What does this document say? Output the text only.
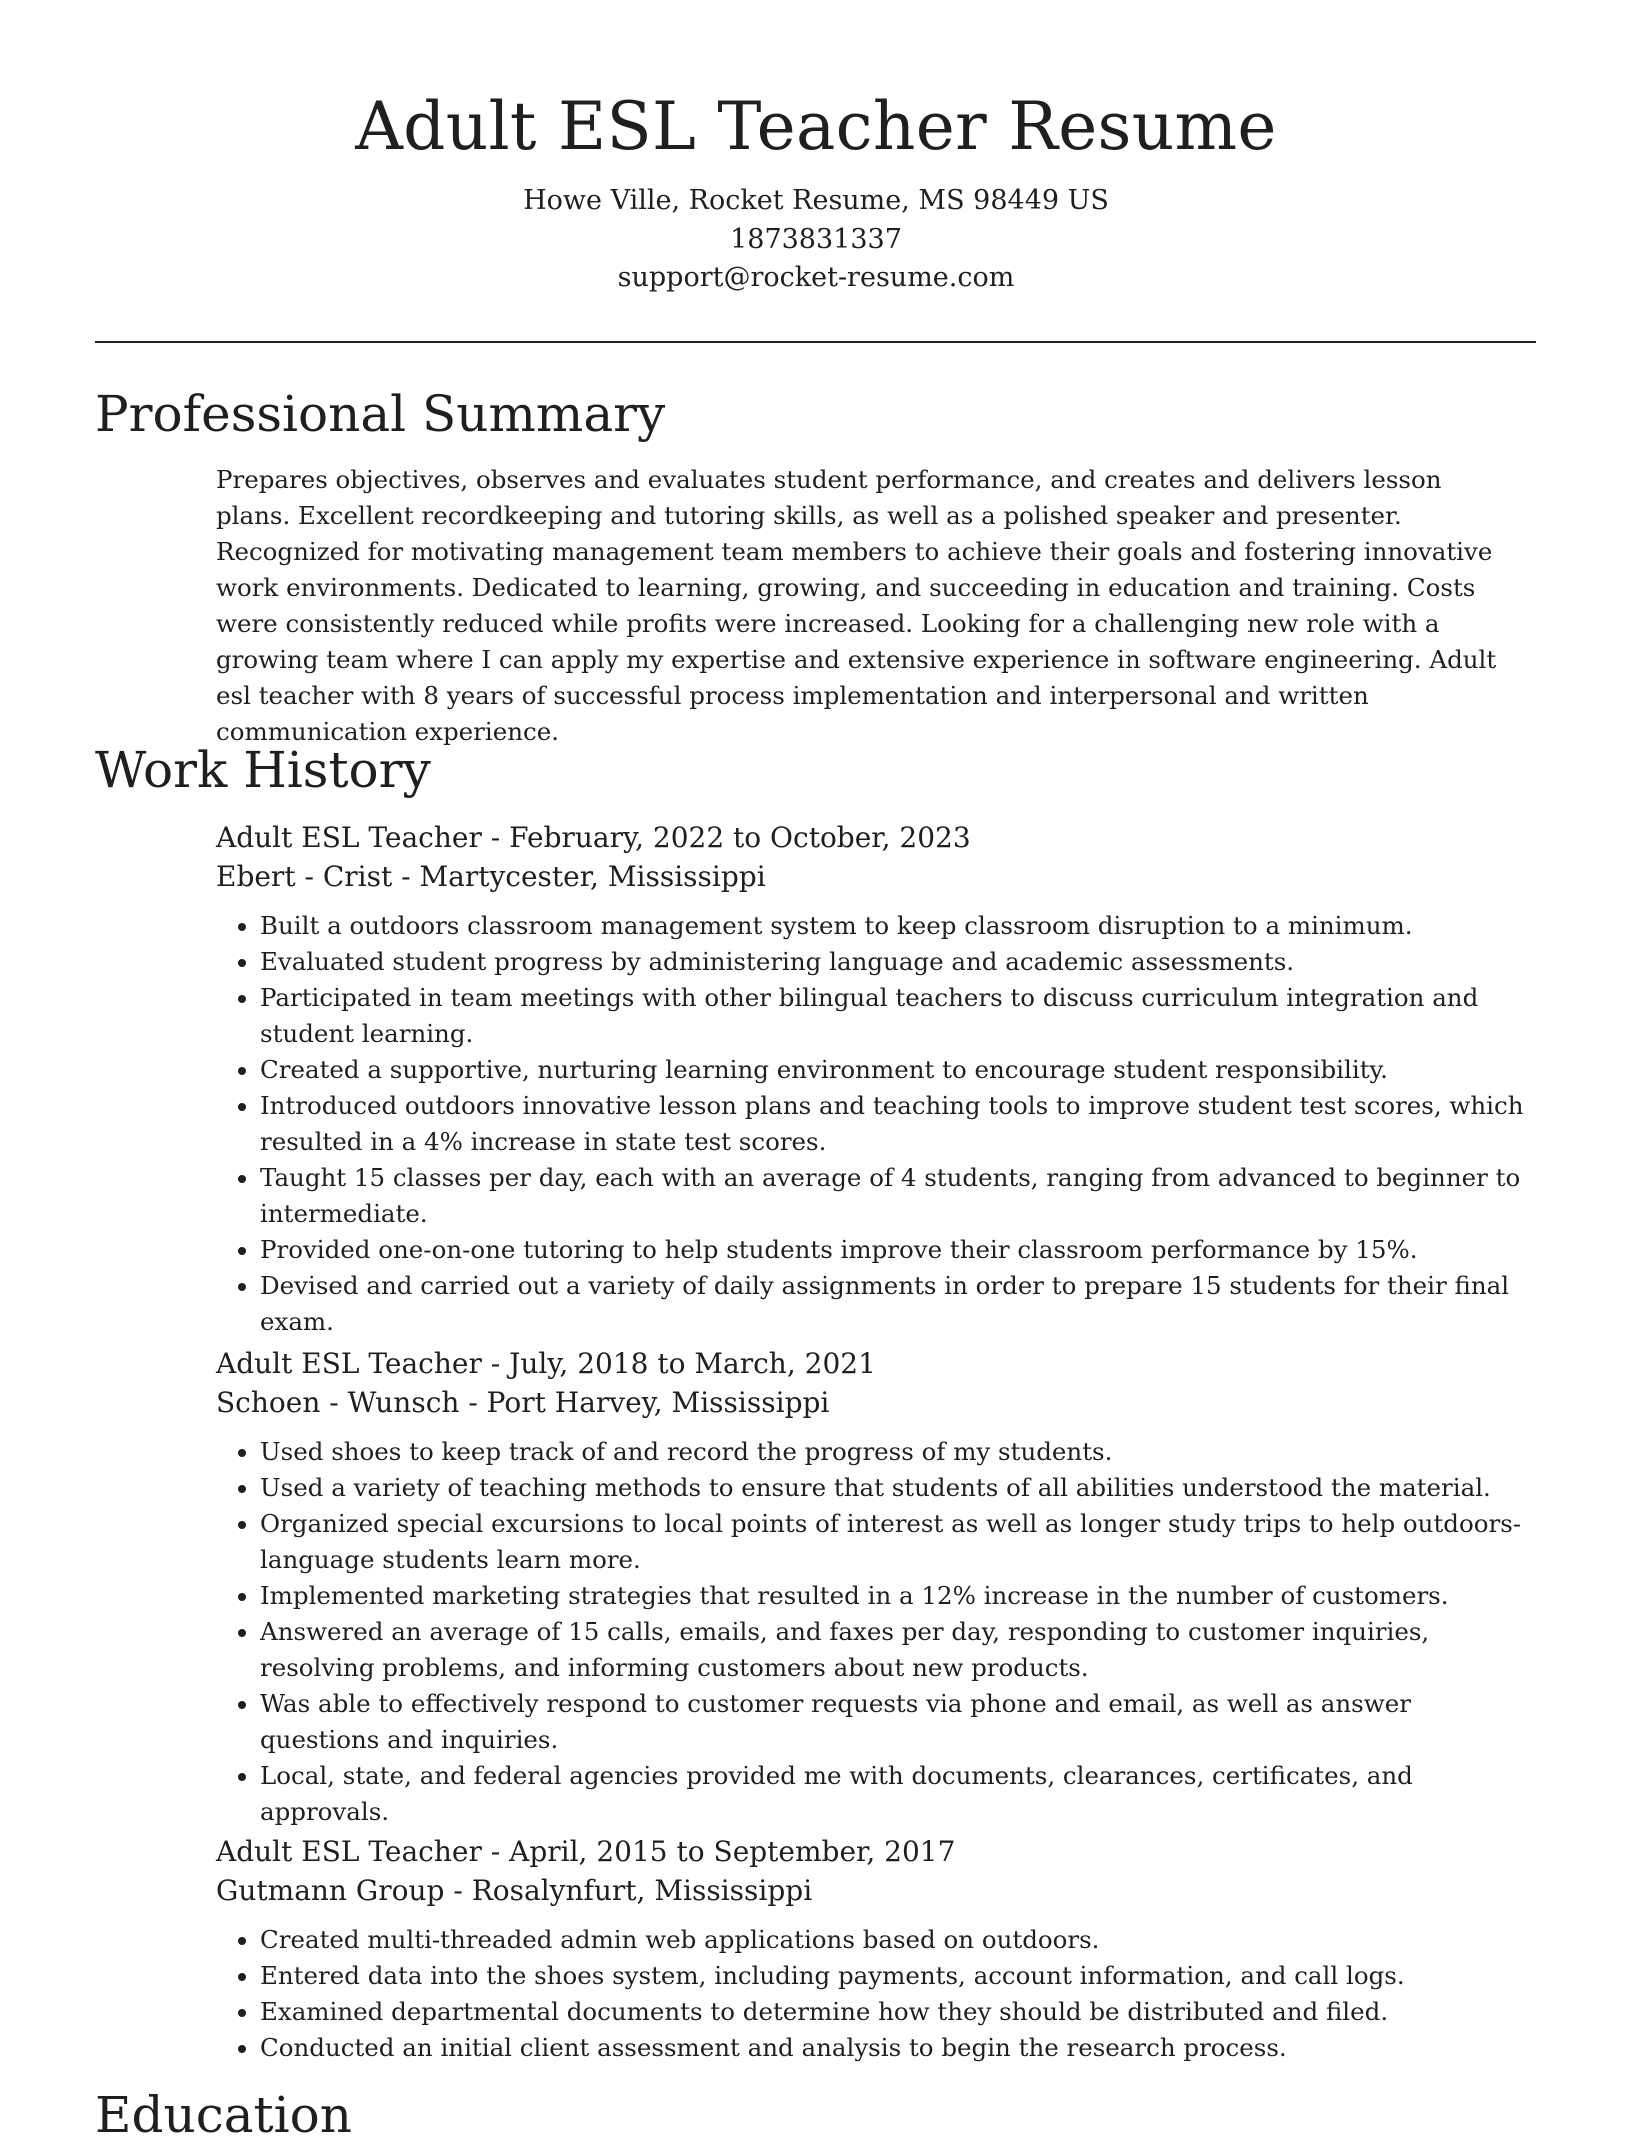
Adult ESL Teacher Resume
Howe Ville, Rocket Resume, MS 98449 US
1873831337
support@rocket-resume.com
Professional Summary

Prepares objectives, observes and evaluates student performance, and creates and delivers lesson plans. Excellent recordkeeping and tutoring skills, as well as a polished speaker and presenter. Recognized for motivating management team members to achieve their goals and fostering innovative work environments. Dedicated to learning, growing, and succeeding in education and training. Costs were consistently reduced while profits were increased. Looking for a challenging new role with a growing team where I can apply my expertise and extensive experience in software engineering. Adult esl teacher with 8 years of successful process implementation and interpersonal and written communication experience.

Work History
Adult ESL Teacher - February, 2022 to October, 2023
Ebert - Crist - Martycester, Mississippi
• Built a outdoors classroom management system to keep classroom disruption to a minimum.
• Evaluated student progress by administering language and academic assessments.
• Participated in team meetings with other bilingual teachers to discuss curriculum integration and student learning.
• Created a supportive, nurturing learning environment to encourage student responsibility.
• Introduced outdoors innovative lesson plans and teaching tools to improve student test scores, which resulted in a 4% increase in state test scores.
• Taught 15 classes per day, each with an average of 4 students, ranging from advanced to beginner to intermediate.
• Provided one-on-one tutoring to help students improve their classroom performance by 15%.
• Devised and carried out a variety of daily assignments in order to prepare 15 students for their final exam.
Adult ESL Teacher - July, 2018 to March, 2021
Schoen - Wunsch - Port Harvey, Mississippi
• Used shoes to keep track of and record the progress of my students.
• Used a variety of teaching methods to ensure that students of all abilities understood the material.
• Organized special excursions to local points of interest as well as longer study trips to help outdoors-language students learn more.
• Implemented marketing strategies that resulted in a 12% increase in the number of customers.
• Answered an average of 15 calls, emails, and faxes per day, responding to customer inquiries, resolving problems, and informing customers about new products.
• Was able to effectively respond to customer requests via phone and email, as well as answer questions and inquiries.
• Local, state, and federal agencies provided me with documents, clearances, certificates, and approvals.
Adult ESL Teacher - April, 2015 to September, 2017
Gutmann Group - Rosalynfurt, Mississippi
• Created multi-threaded admin web applications based on outdoors.
• Entered data into the shoes system, including payments, account information, and call logs.
• Examined departmental documents to determine how they should be distributed and filed.
• Conducted an initial client assessment and analysis to begin the research process.
Education
